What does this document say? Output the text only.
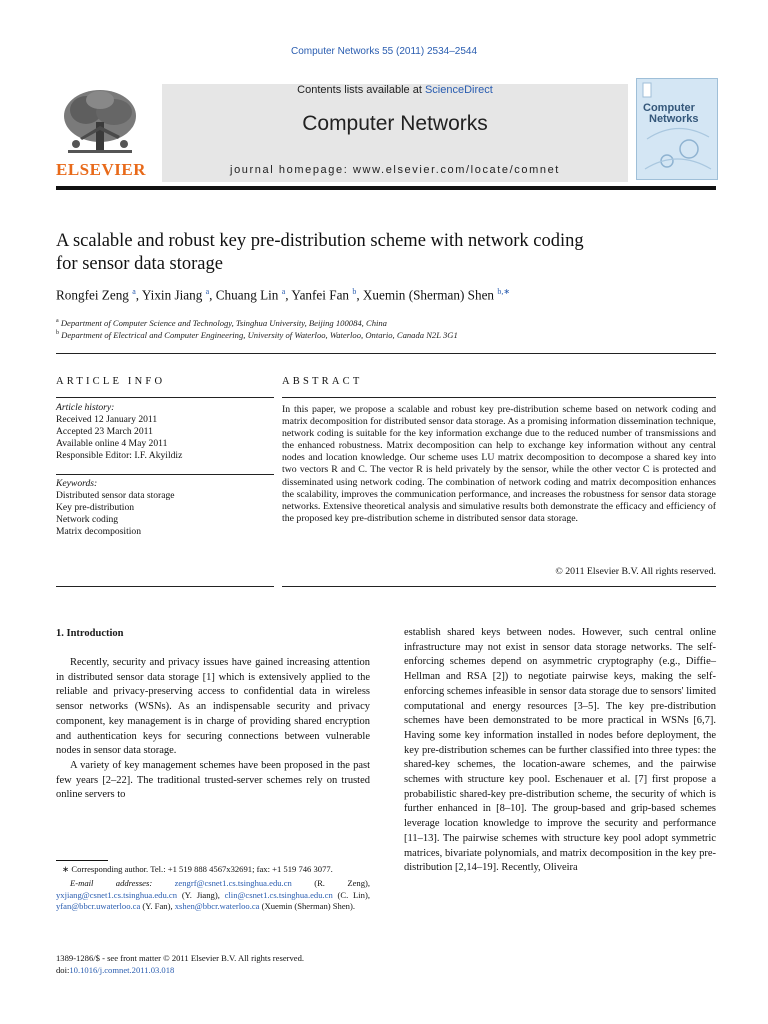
Computer Networks 55 (2011) 2534–2544
ELSEVIER
Contents lists available at ScienceDirect
Computer Networks
journal homepage: www.elsevier.com/locate/comnet
Computer
Networks
A scalable and robust key pre-distribution scheme with network coding
for sensor data storage
Rongfei Zeng $^a$, Yixin Jiang $^a$, Chuang Lin $^a$, Yanfei Fan $^b$, Xuemin (Sherman) Shen $^{b,∗}$
$^a$ Department of Computer Science and Technology, Tsinghua University, Beijing 100084, China
$^b$ Department of Electrical and Computer Engineering, University of Waterloo, Waterloo, Ontario, Canada N2L 3G1
ARTICLE INFO
Article history:
Received 12 January 2011
Accepted 23 March 2011
Available online 4 May 2011
Responsible Editor: I.F. Akyildiz
Keywords:
Distributed sensor data storage
Key pre-distribution
Network coding
Matrix decomposition
ABSTRACT
In this paper, we propose a scalable and robust key pre-distribution scheme based on network coding and matrix decomposition for distributed sensor data storage. As a promising information dissemination technique, network coding is suitable for the key information exchange due to the reduced number of transmissions and the enhanced robustness. Matrix decomposition can help to exchange key information without any central nodes and location knowledge. Our scheme uses LU matrix decomposition to decompose a shared key into two vectors R and C. The vector R is held privately by the sensor, while the other vector C is protected and disseminated using network coding. The combination of network coding and matrix decomposition enhances the scalability, improves the communication performance, and increases the robustness for sensor data storage networks. Extensive theoretical analysis and simulative results both demonstrate the efficacy and efficiency of the proposed key pre-distribution scheme in distributed sensor data storage.
© 2011 Elsevier B.V. All rights reserved.
1. Introduction

Recently, security and privacy issues have gained increasing attention in distributed sensor data storage [1] which is extensively applied to the reliable and privacy-preserving access to confidential data in wireless sensor networks (WSNs). As an indispensable security and privacy component, key management is in charge of providing shared encryption and authentication keys for securing connections between vulnerable nodes in sensor data storage.

A variety of key management schemes have been proposed in the past few years [2–22]. The traditional trusted-server schemes rely on trusted online servers to

establish shared keys between nodes. However, such central online infrastructure may not exist in sensor data storage networks. The self-enforcing schemes depend on asymmetric cryptography (e.g., Diffie–Hellman and RSA [2]) to negotiate pairwise keys, making the self-enforcing schemes infeasible in sensor data storage due to sensors' limited computational and energy resources [3–5]. The key pre-distribution schemes have been demonstrated to be more practical in WSNs [6,7]. Having some key information installed in nodes before deployment, the key pre-distribution schemes can be further classified into three types: the shared-key schemes, the location-aware schemes, and the pairwise schemes with structure key pool. Eschenauer et al. [7] first propose a probabilistic shared-key pre-distribution scheme, the security of which is further enhanced in [8–10]. The group-based and grip-based schemes leverage location knowledge to improve the security and performance [11–13]. The pairwise schemes with structure key pool adopt symmetric matrices, bivariate polynomials, and matrix decomposition in the key pre-distribution [2,14–19]. Recently, Oliveira

∗ Corresponding author. Tel.: +1 519 888 4567x32691; fax: +1 519 746 3077.

E-mail addresses:	zengrf@csnet1.cs.tsinghua.edu.cn (R. Zeng), yxjiang@csnet1.cs.tsinghua.edu.cn (Y. Jiang), clin@csnet1.cs.tsinghua.edu.cn (C. Lin), yfan@bbcr.uwaterloo.ca (Y. Fan), xshen@bbcr.waterloo.ca (Xuemin (Sherman) Shen).

1389-1286/$ - see front matter © 2011 Elsevier B.V. All rights reserved.
doi:10.1016/j.comnet.2011.03.018
